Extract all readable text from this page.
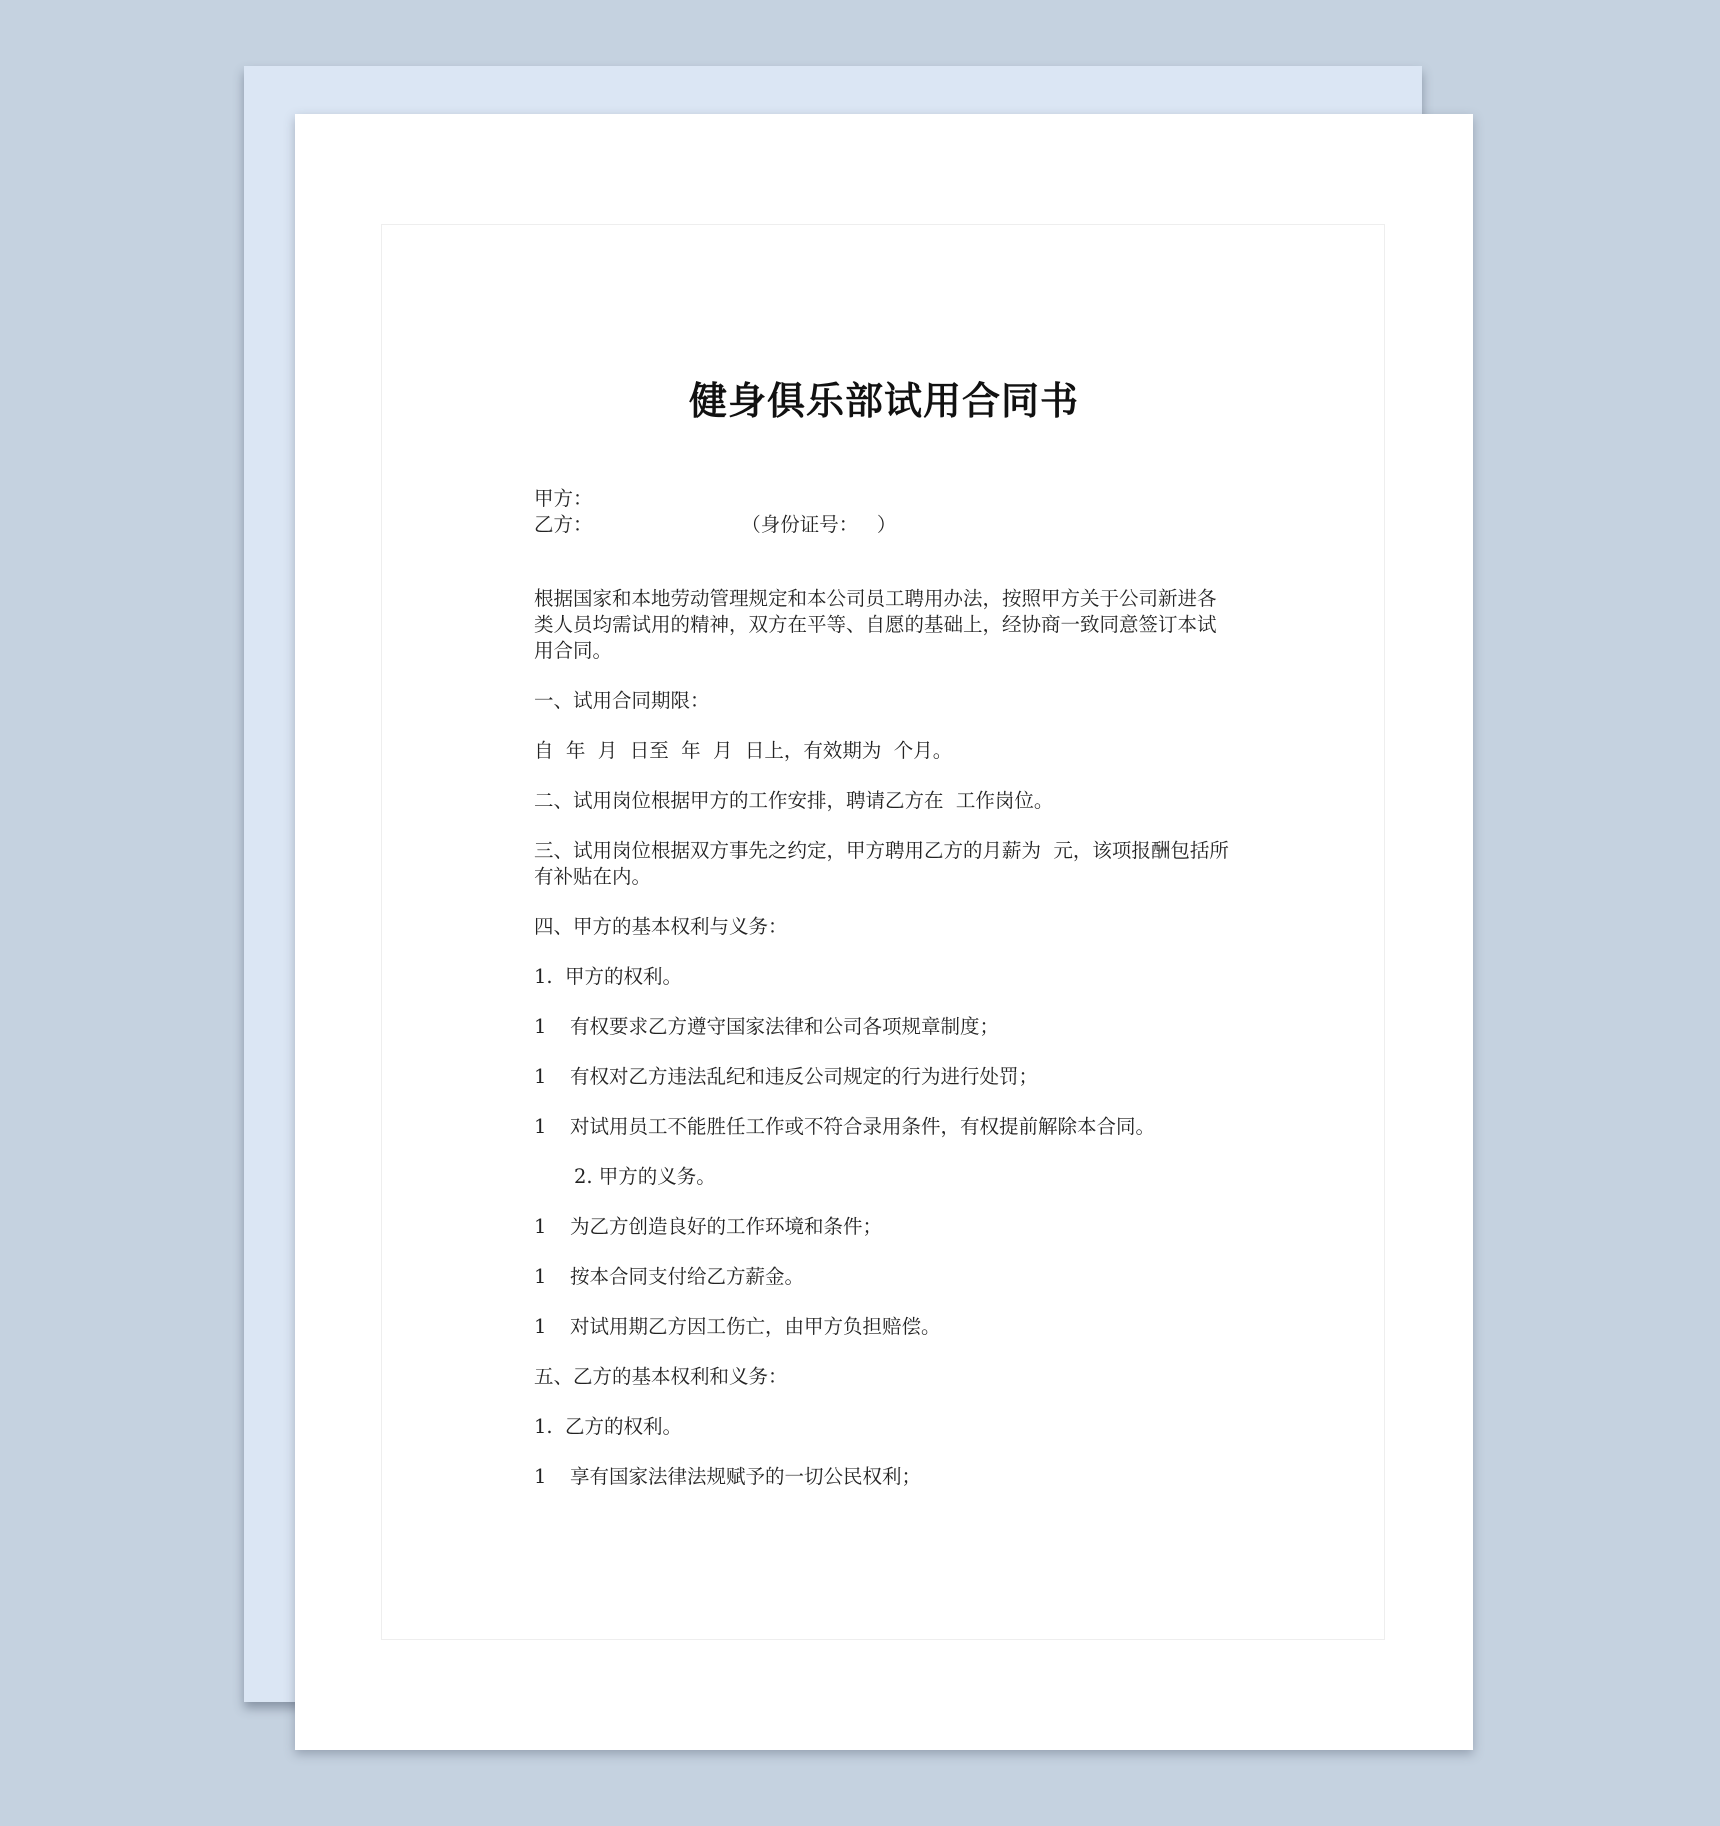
健身俱乐部试用合同书
甲方：
乙方：                        （身份证号：   ）
根据国家和本地劳动管理规定和本公司员工聘用办法，按照甲方关于公司新进各类人员均需试用的精神，双方在平等、自愿的基础上，经协商一致同意签订本试用合同。
一、试用合同期限：
自  年  月  日至  年  月  日上，有效期为  个月。
二、试用岗位根据甲方的工作安排，聘请乙方在  工作岗位。
三、试用岗位根据双方事先之约定，甲方聘用乙方的月薪为  元，该项报酬包括所有补贴在内。
四、甲方的基本权利与义务：
1.  甲方的权利。
1	有权要求乙方遵守国家法律和公司各项规章制度；
1	有权对乙方违法乱纪和违反公司规定的行为进行处罚；
1	对试用员工不能胜任工作或不符合录用条件，有权提前解除本合同。
2. 甲方的义务。
1	为乙方创造良好的工作环境和条件；
1	按本合同支付给乙方薪金。
1	对试用期乙方因工伤亡，由甲方负担赔偿。
五、乙方的基本权利和义务：
1.  乙方的权利。
1	享有国家法律法规赋予的一切公民权利；
